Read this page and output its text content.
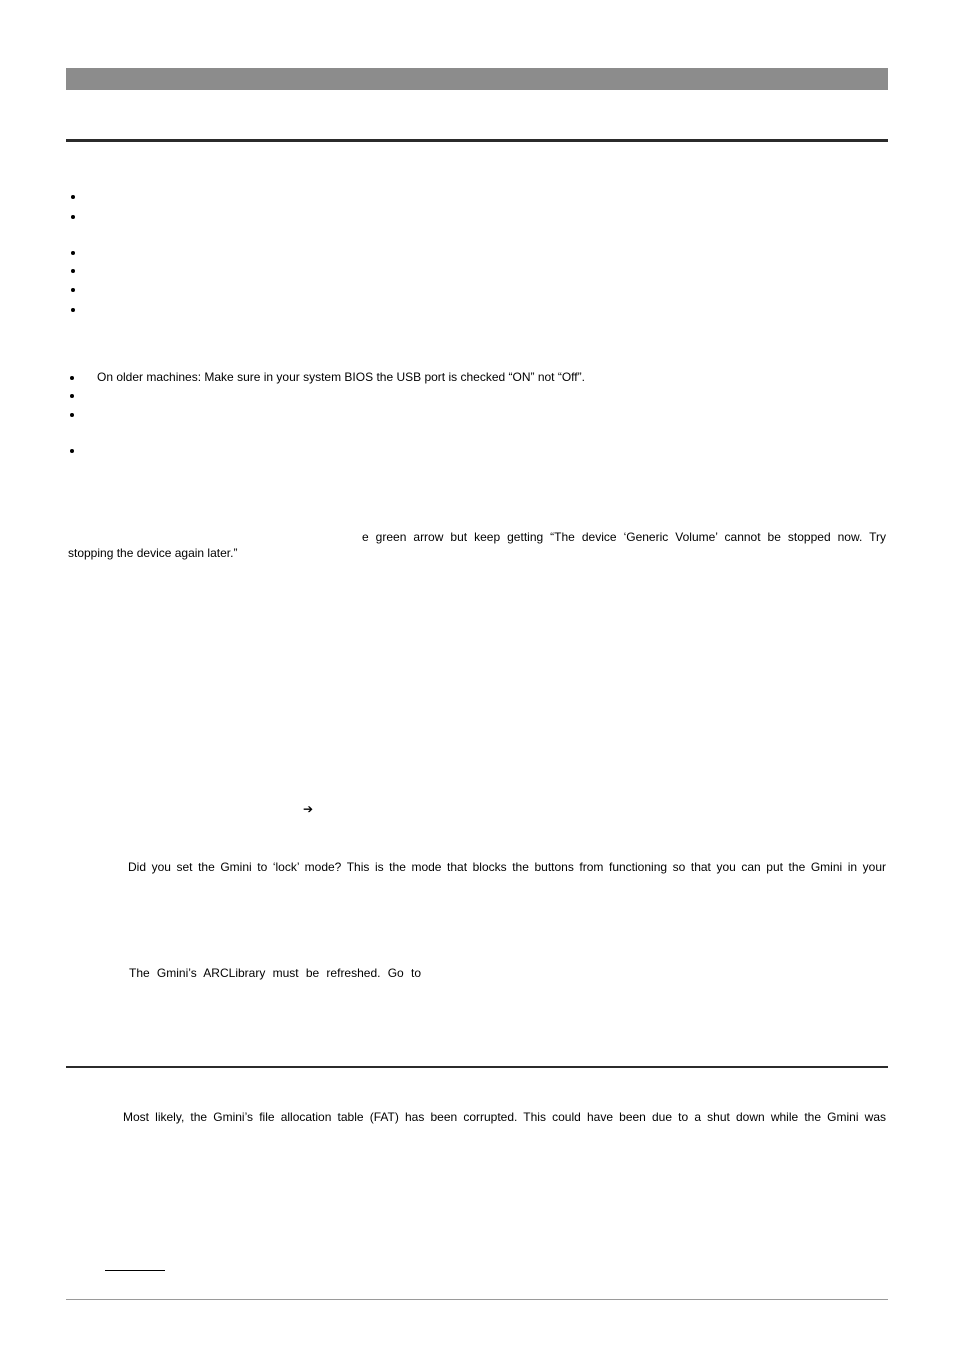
On older machines: Make sure in your system BIOS the USB port is checked “ON” not “Off”.
e green arrow but keep getting “The device ‘Generic Volume’ cannot be stopped now. Try
stopping the device again later.”
➔
Did you set the Gmini to ‘lock’ mode? This is the mode that blocks the buttons from functioning so that you can put the Gmini in your
The Gmini’s ARCLibrary must be refreshed. Go to
Most likely, the Gmini’s file allocation table (FAT) has been corrupted. This could have been due to a shut down while the Gmini was
